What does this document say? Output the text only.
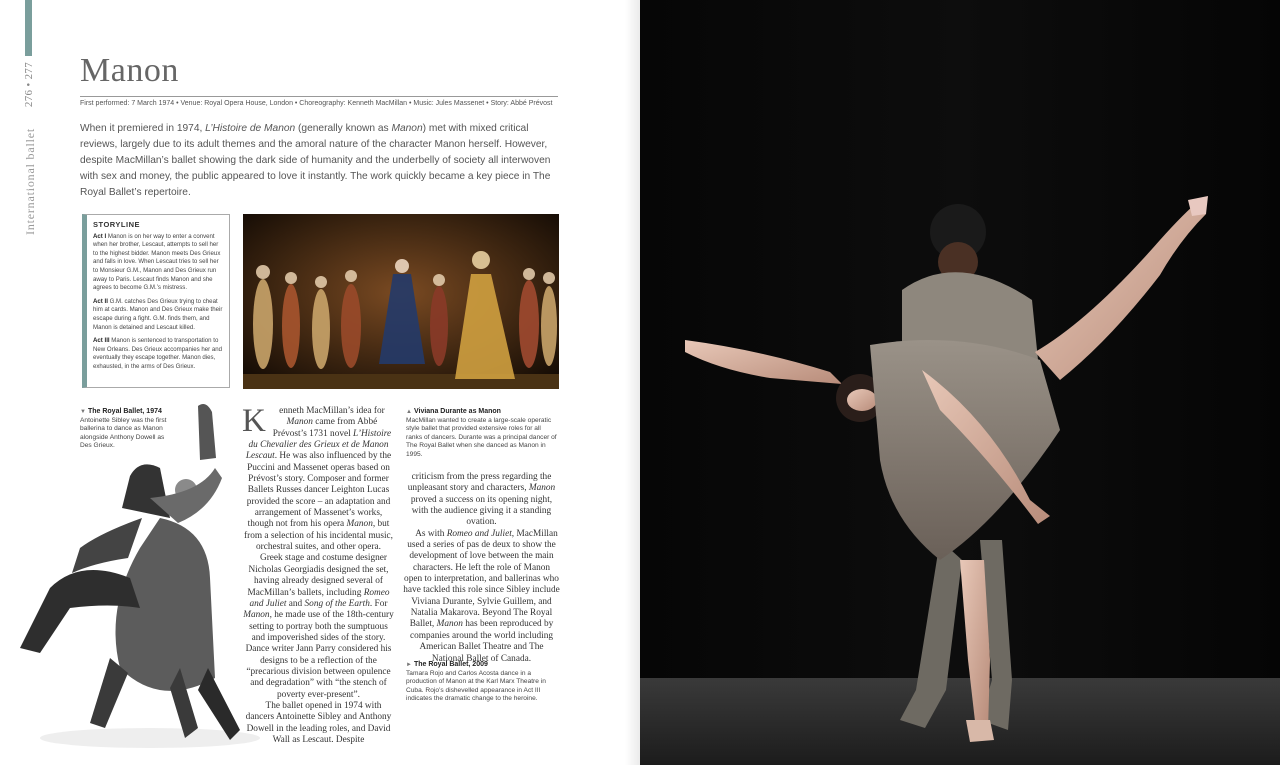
276 • 277
International ballet
Manon
First performed: 7 March 1974 • Venue: Royal Opera House, London • Choreography: Kenneth MacMillan • Music: Jules Massenet • Story: Abbé Prévost

When it premiered in 1974, L’Histoire de Manon (generally known as Manon) met with mixed critical reviews, largely due to its adult themes and the amoral nature of the character Manon herself. However, despite MacMillan’s ballet showing the dark side of humanity and the underbelly of society all interwoven with sex and money, the public appeared to love it instantly. The work quickly became a key piece in The Royal Ballet’s repertoire.

STORYLINE

Act I Manon is on her way to enter a convent when her brother, Lescaut, attempts to sell her to the highest bidder. Manon meets Des Grieux and falls in love. When Lescaut tries to sell her to Monsieur G.M., Manon and Des Grieux run away to Paris. Lescaut finds Manon and she agrees to become G.M.’s mistress.

Act II G.M. catches Des Grieux trying to cheat him at cards. Manon and Des Grieux make their escape during a fight. G.M. finds them, and Manon is detained and Lescaut killed.

Act III Manon is sentenced to transportation to New Orleans. Des Grieux accompanies her and eventually they escape together. Manon dies, exhausted, in the arms of Des Grieux.

▼ The Royal Ballet, 1974
Antoinette Sibley was the first ballerina to dance as Manon alongside Anthony Dowell as Des Grieux.
▲ Viviana Durante as Manon
MacMillan wanted to create a large-scale operatic style ballet that provided extensive roles for all ranks of dancers. Durante was a principal dancer of The Royal Ballet when she danced as Manon in 1995.

K enneth MacMillan’s idea for Manon came from Abbé Prévost’s 1731 novel L’Histoire du Chevalier des Grieux et de Manon Lescaut. He was also influenced by the Puccini and Massenet operas based on Prévost’s story. Composer and former Ballets Russes dancer Leighton Lucas provided the score – an adaptation and arrangement of Massenet’s works, though not from his opera Manon, but from a selection of his incidental music, orchestral suites, and other opera.

Greek stage and costume designer Nicholas Georgiadis designed the set, having already designed several of MacMillan’s ballets, including Romeo and Juliet and Song of the Earth. For Manon, he made use of the 18th-century setting to portray both the sumptuous and impoverished sides of the story. Dance writer Jann Parry considered his designs to be a reflection of the “precarious division between opulence and degradation” with “the stench of poverty ever-present”.

The ballet opened in 1974 with dancers Antoinette Sibley and Anthony Dowell in the leading roles, and David Wall as Lescaut. Despite

criticism from the press regarding the unpleasant story and characters, Manon proved a success on its opening night, with the audience giving it a standing ovation.

As with Romeo and Juliet, MacMillan used a series of pas de deux to show the development of love between the main characters. He left the role of Manon open to interpretation, and ballerinas who have tackled this role since Sibley include Viviana Durante, Sylvie Guillem, and Natalia Makarova. Beyond The Royal Ballet, Manon has been reproduced by companies around the world including American Ballet Theatre and The National Ballet of Canada.

► The Royal Ballet, 2009
Tamara Rojo and Carlos Acosta dance in a production of Manon at the Karl Marx Theatre in Cuba. Rojo’s dishevelled appearance in Act III indicates the dramatic change to the heroine.
